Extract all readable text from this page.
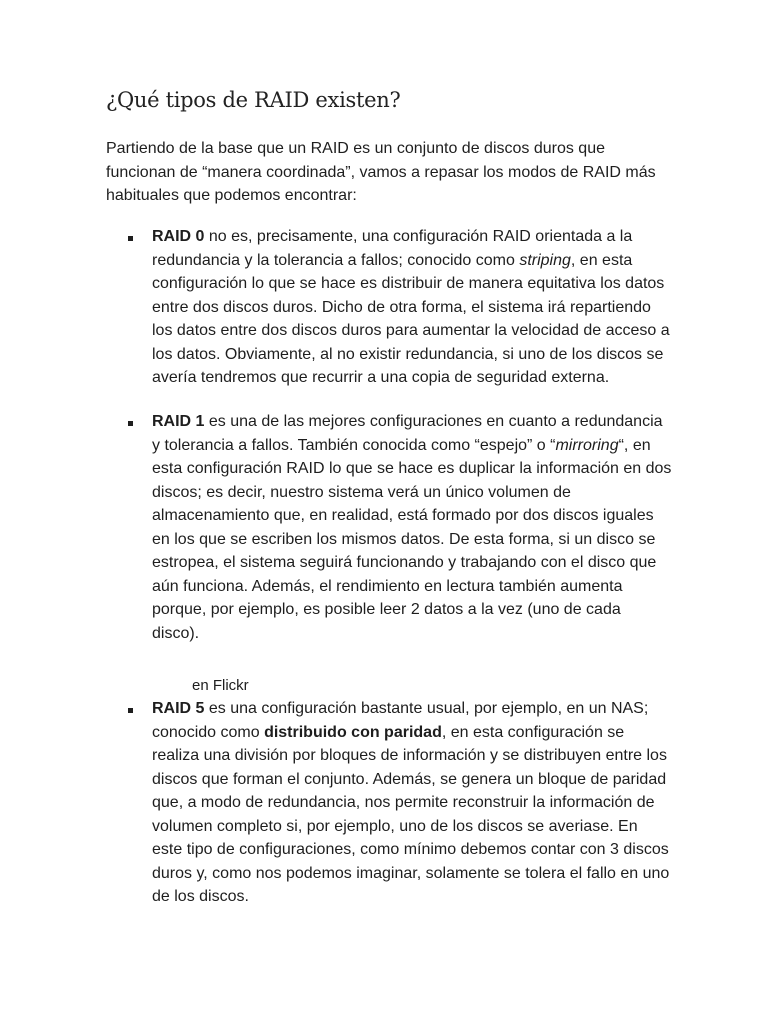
¿Qué tipos de RAID existen?

Partiendo de la base que un RAID es un conjunto de discos duros que funcionan de “manera coordinada”, vamos a repasar los modos de RAID más habituales que podemos encontrar:

RAID 0 no es, precisamente, una configuración RAID orientada a la redundancia y la tolerancia a fallos; conocido como striping, en esta configuración lo que se hace es distribuir de manera equitativa los datos entre dos discos duros. Dicho de otra forma, el sistema irá repartiendo los datos entre dos discos duros para aumentar la velocidad de acceso a los datos. Obviamente, al no existir redundancia, si uno de los discos se avería tendremos que recurrir a una copia de seguridad externa.

RAID 1 es una de las mejores configuraciones en cuanto a redundancia y tolerancia a fallos. También conocida como “espejo” o “mirroring“, en esta configuración RAID lo que se hace es duplicar la información en dos discos; es decir, nuestro sistema verá un único volumen de almacenamiento que, en realidad, está formado por dos discos iguales en los que se escriben los mismos datos. De esta forma, si un disco se estropea, el sistema seguirá funcionando y trabajando con el disco que aún funciona. Además, el rendimiento en lectura también aumenta porque, por ejemplo, es posible leer 2 datos a la vez (uno de cada disco).

en Flickr

RAID 5 es una configuración bastante usual, por ejemplo, en un NAS; conocido como distribuido con paridad, en esta configuración se realiza una división por bloques de información y se distribuyen entre los discos que forman el conjunto. Además, se genera un bloque de paridad que, a modo de redundancia, nos permite reconstruir la información de volumen completo si, por ejemplo, uno de los discos se averiase. En este tipo de configuraciones, como mínimo debemos contar con 3 discos duros y, como nos podemos imaginar, solamente se tolera el fallo en uno de los discos.
